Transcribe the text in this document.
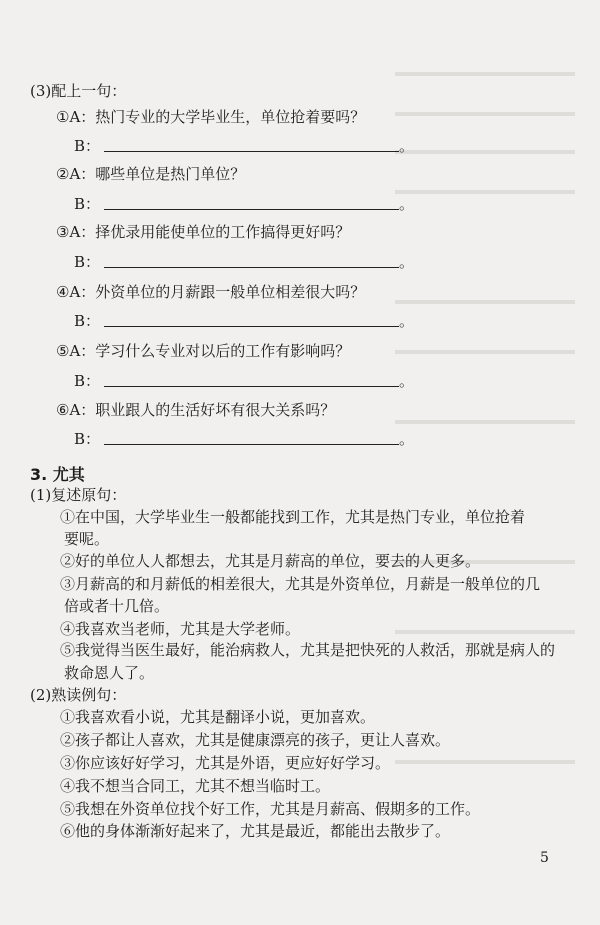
(3)配上一句：
①A：热门专业的大学毕业生，单位抢着要吗？
B：	。
②A：哪些单位是热门单位？
B：	。
③A：择优录用能使单位的工作搞得更好吗？
B：	。
④A：外资单位的月薪跟一般单位相差很大吗？
B：	。
⑤A：学习什么专业对以后的工作有影响吗？
B：	。
⑥A：职业跟人的生活好坏有很大关系吗？
B：	。
3. 尤其
(1)复述原句：
①在中国，大学毕业生一般都能找到工作，尤其是热门专业，单位抢着
要呢。
②好的单位人人都想去，尤其是月薪高的单位，要去的人更多。
③月薪高的和月薪低的相差很大，尤其是外资单位，月薪是一般单位的几
倍或者十几倍。
④我喜欢当老师，尤其是大学老师。
⑤我觉得当医生最好，能治病救人，尤其是把快死的人救活，那就是病人的
救命恩人了。
(2)熟读例句：
①我喜欢看小说，尤其是翻译小说，更加喜欢。
②孩子都让人喜欢，尤其是健康漂亮的孩子，更让人喜欢。
③你应该好好学习，尤其是外语，更应好好学习。
④我不想当合同工，尤其不想当临时工。
⑤我想在外资单位找个好工作，尤其是月薪高、假期多的工作。
⑥他的身体渐渐好起来了，尤其是最近，都能出去散步了。
5
